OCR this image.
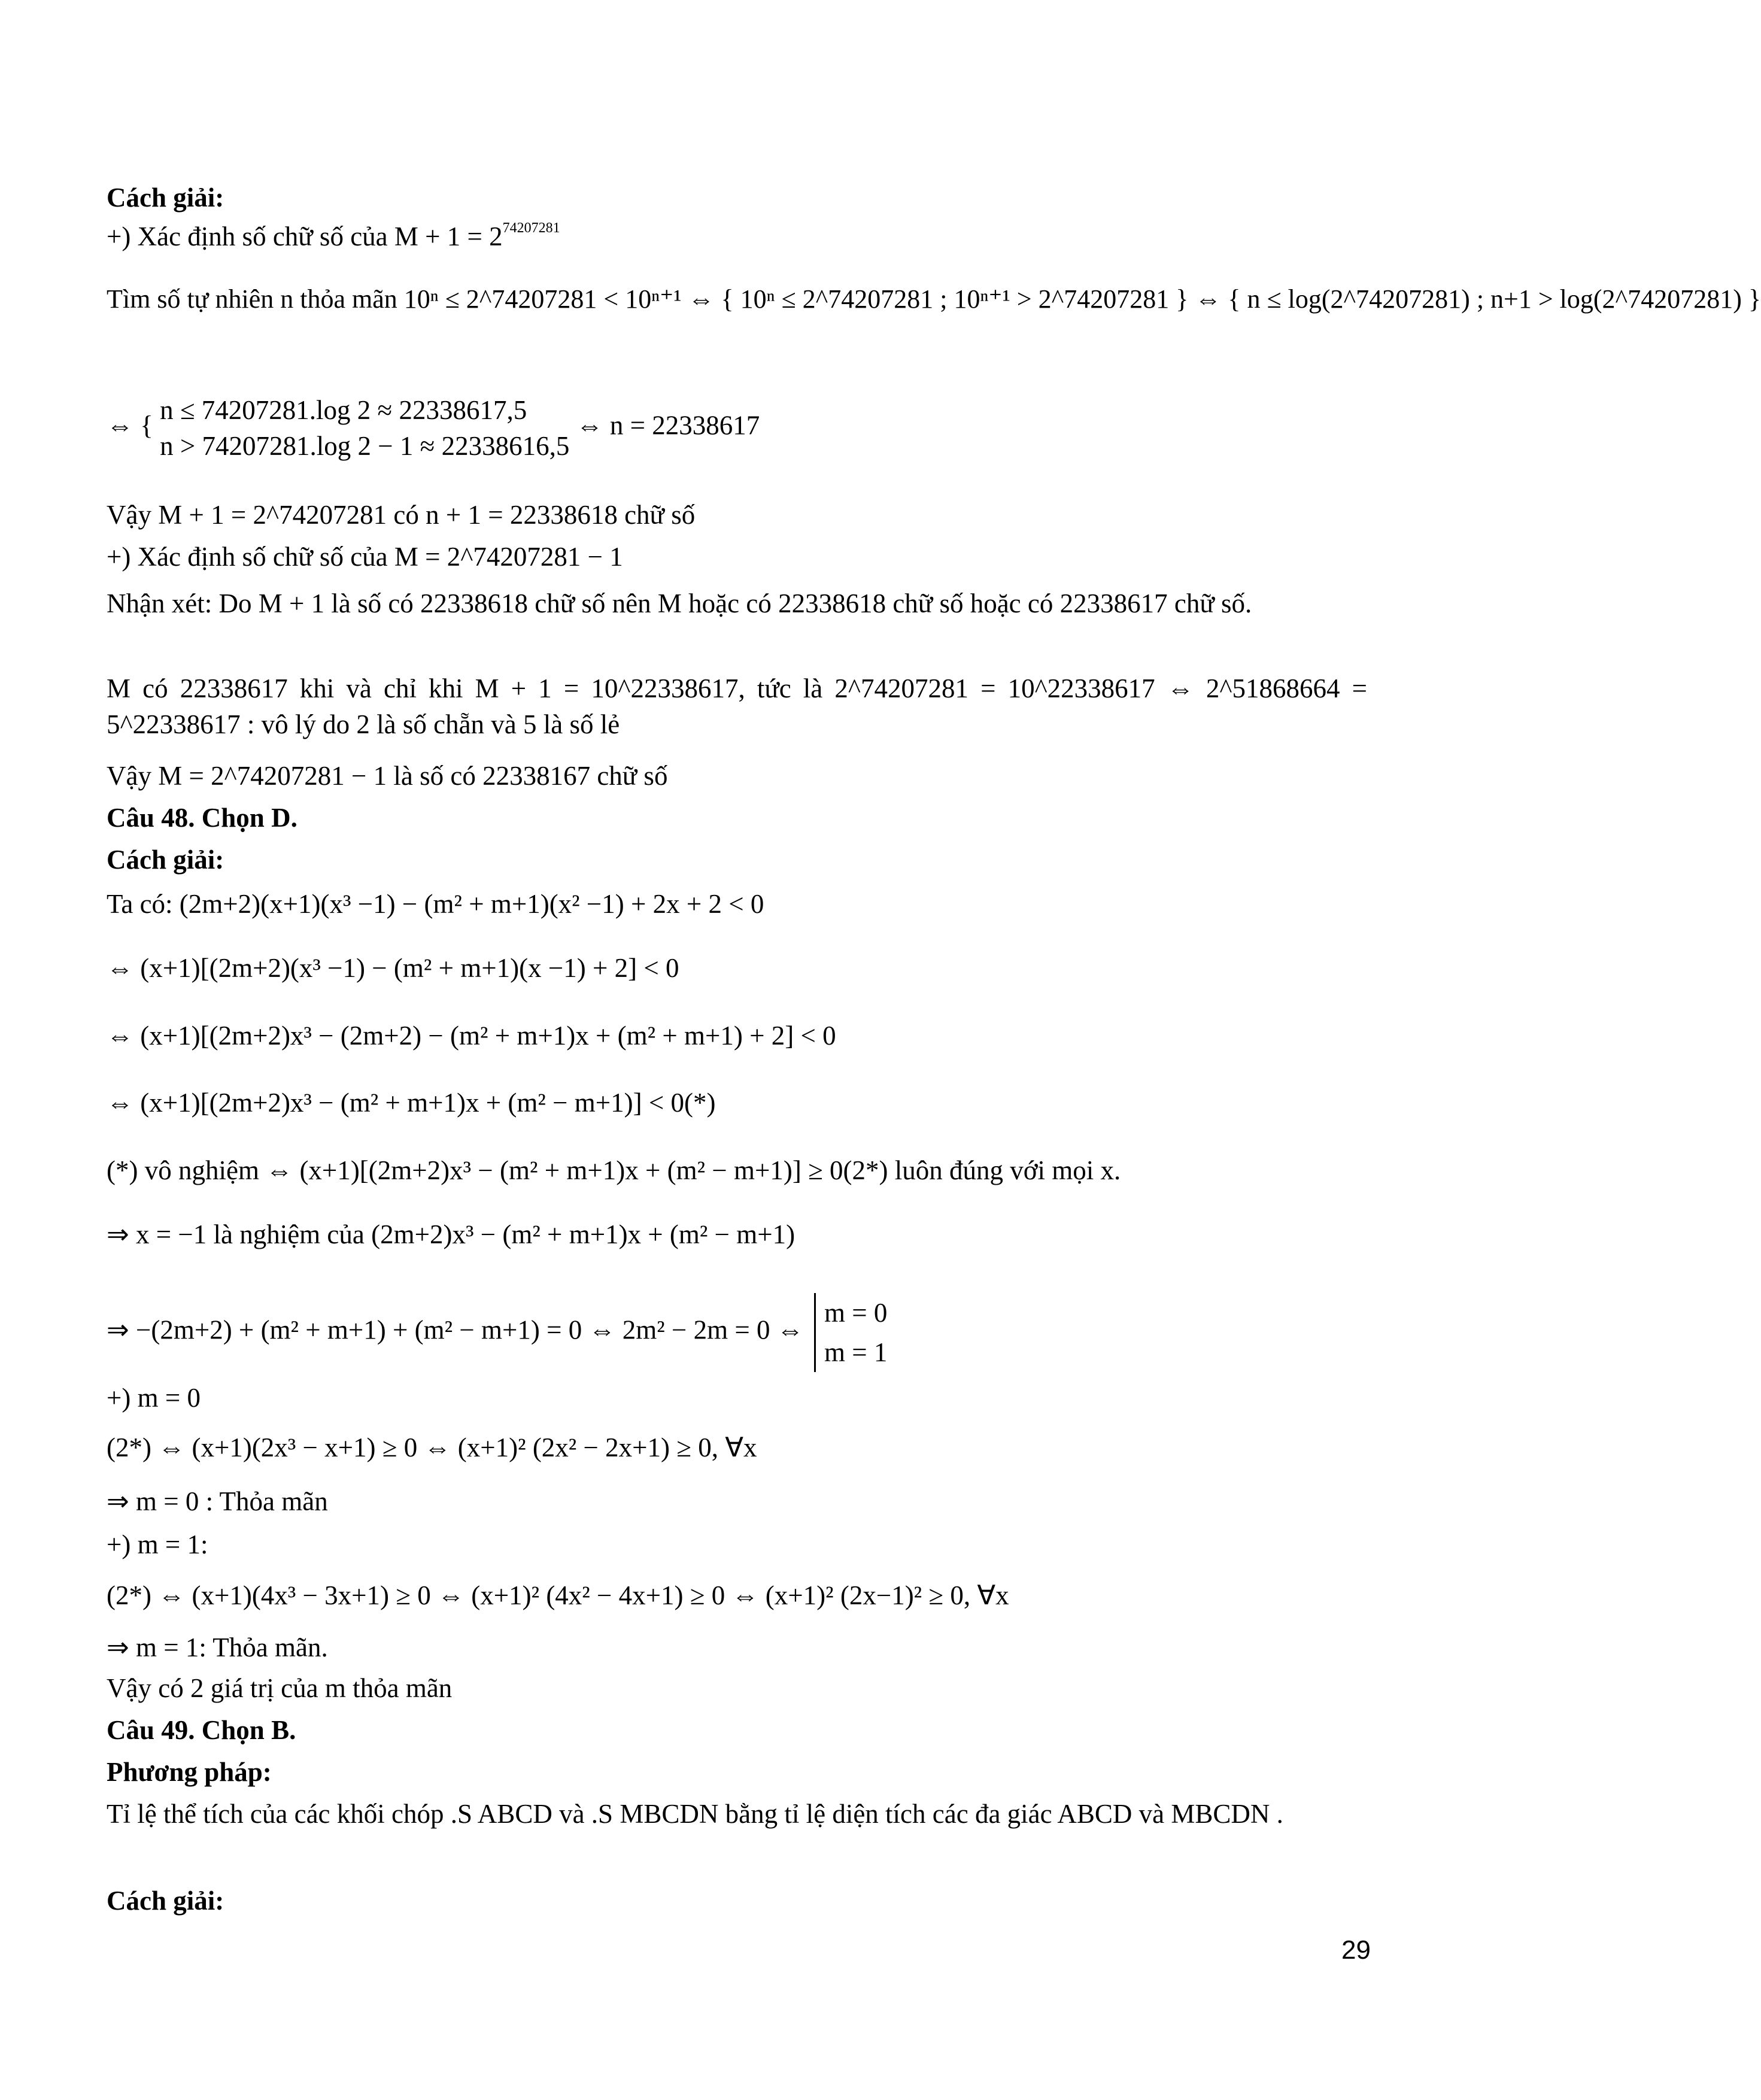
Cách giải:
+) Xác định số chữ số của $M + 1 = 2^{74207281}$
Tìm số tự nhiên n thỏa mãn 10ⁿ ≤ 2^74207281 < 10ⁿ⁺¹ ⇔ { 10ⁿ ≤ 2^74207281 ; 10ⁿ⁺¹ > 2^74207281 } ⇔ { n ≤ log(2^74207281) ; n+1 > log(2^74207281) }
⇔ {
n ≤ 74207281.log 2 ≈ 22338617,5
n > 74207281.log 2 − 1 ≈ 22338616,5
⇔ n = 22338617
Vậy M + 1 = 2^74207281 có n + 1 = 22338618 chữ số
+) Xác định số chữ số của M = 2^74207281 − 1
Nhận xét: Do M + 1 là số có 22338618 chữ số nên M hoặc có 22338618 chữ số hoặc có 22338617 chữ số.
M có 22338617 khi và chỉ khi M + 1 = 10^22338617, tức là 2^74207281 = 10^22338617 ⇔ 2^51868664 = 5^22338617 : vô lý do 2 là số chẵn và 5 là số lẻ
Vậy M = 2^74207281 − 1 là số có 22338167 chữ số
Câu 48. Chọn D.
Cách giải:
Ta có: (2m+2)(x+1)(x³ −1) − (m² + m+1)(x² −1) + 2x + 2 < 0
⇔ (x+1)[(2m+2)(x³ −1) − (m² + m+1)(x −1) + 2] < 0
⇔ (x+1)[(2m+2)x³ − (2m+2) − (m² + m+1)x + (m² + m+1) + 2] < 0
⇔ (x+1)[(2m+2)x³ − (m² + m+1)x + (m² − m+1)] < 0(*)
(*) vô nghiệm ⇔ (x+1)[(2m+2)x³ − (m² + m+1)x + (m² − m+1)] ≥ 0(2*) luôn đúng với mọi x.
⇒ x = −1 là nghiệm của (2m+2)x³ − (m² + m+1)x + (m² − m+1)
⇒ −(2m+2) + (m² + m+1) + (m² − m+1) = 0 ⇔ 2m² − 2m = 0 ⇔
m = 0
m = 1
+) m = 0
(2*) ⇔ (x+1)(2x³ − x+1) ≥ 0 ⇔ (x+1)² (2x² − 2x+1) ≥ 0, ∀x
⇒ m = 0 : Thỏa mãn
+) m = 1:
(2*) ⇔ (x+1)(4x³ − 3x+1) ≥ 0 ⇔ (x+1)² (4x² − 4x+1) ≥ 0 ⇔ (x+1)² (2x−1)² ≥ 0, ∀x
⇒ m = 1: Thỏa mãn.
Vậy có 2 giá trị của m thỏa mãn
Câu 49. Chọn B.
Phương pháp:
Tỉ lệ thể tích của các khối chóp .S ABCD và .S MBCDN bằng tỉ lệ diện tích các đa giác ABCD và MBCDN .
Cách giải:
29
